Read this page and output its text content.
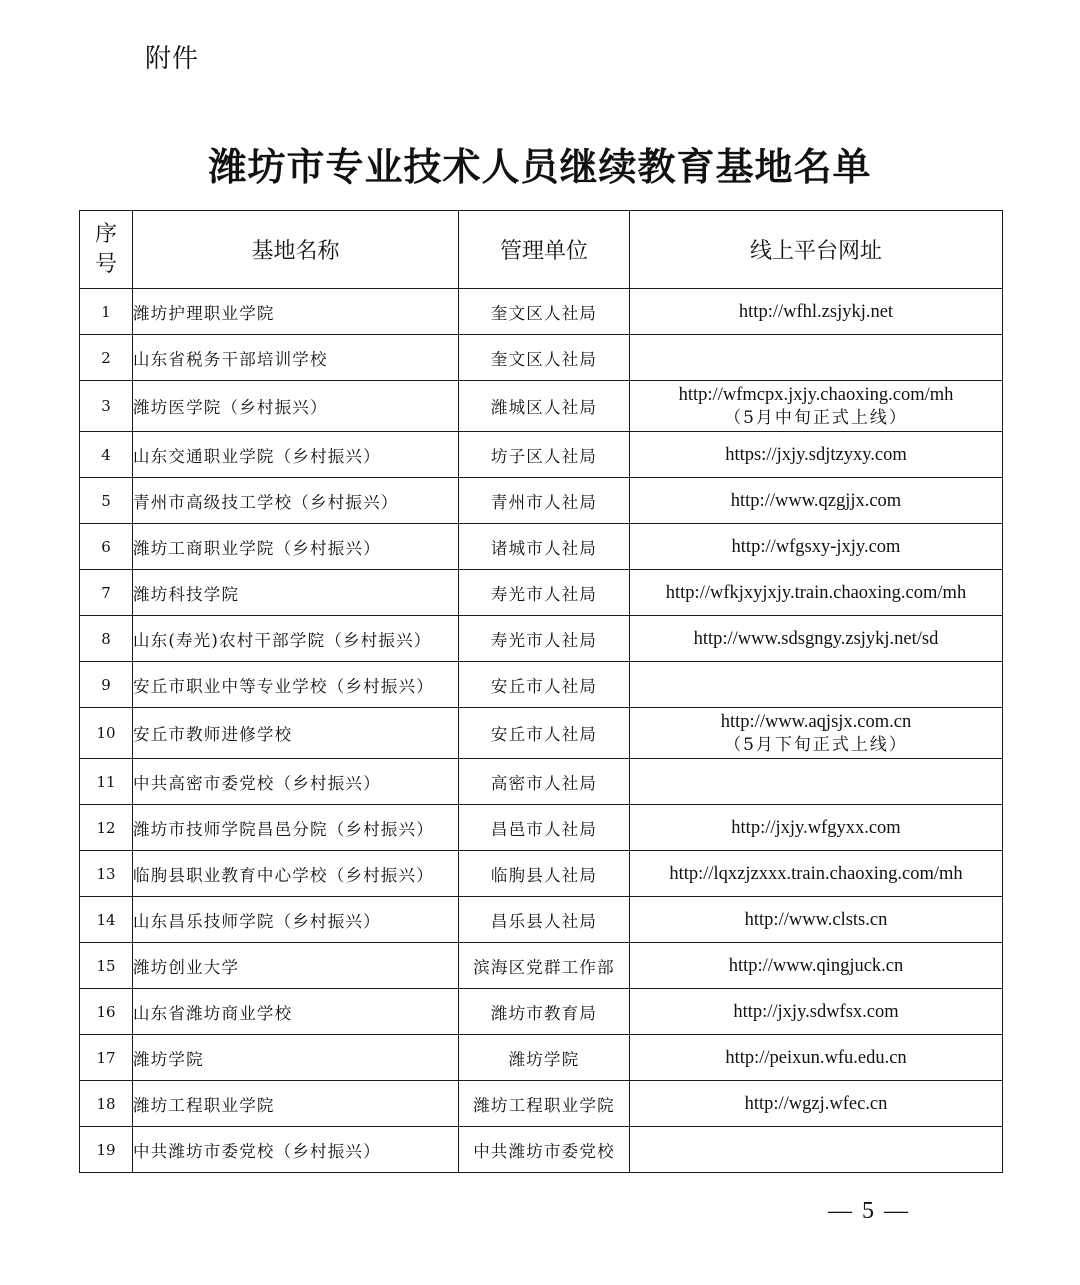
附件
潍坊市专业技术人员继续教育基地名单
序
号	基地名称	管理单位	线上平台网址
1	潍坊护理职业学院	奎文区人社局	http://wfhl.zsjykj.net
2	山东省税务干部培训学校	奎文区人社局	
3	潍坊医学院（乡村振兴）	潍城区人社局	http://wfmcpx.jxjy.chaoxing.com/mh
（5月中旬正式上线）

4	山东交通职业学院（乡村振兴）	坊子区人社局	https://jxjy.sdjtzyxy.com
5	青州市高级技工学校（乡村振兴）	青州市人社局	http://www.qzgjjx.com
6	潍坊工商职业学院（乡村振兴）	诸城市人社局	http://wfgsxy-jxjy.com
7	潍坊科技学院	寿光市人社局	http://wfkjxyjxjy.train.chaoxing.com/mh
8	山东(寿光)农村干部学院（乡村振兴）	寿光市人社局	http://www.sdsgngy.zsjykj.net/sd
9	安丘市职业中等专业学校（乡村振兴）	安丘市人社局	
10	安丘市教师进修学校	安丘市人社局	http://www.aqjsjx.com.cn
（5月下旬正式上线）

11	中共高密市委党校（乡村振兴）	高密市人社局	
12	潍坊市技师学院昌邑分院（乡村振兴）	昌邑市人社局	http://jxjy.wfgyxx.com
13	临朐县职业教育中心学校（乡村振兴）	临朐县人社局	http://lqxzjzxxx.train.chaoxing.com/mh
14	山东昌乐技师学院（乡村振兴）	昌乐县人社局	http://www.clsts.cn
15	潍坊创业大学	滨海区党群工作部	http://www.qingjuck.cn
16	山东省潍坊商业学校	潍坊市教育局	http://jxjy.sdwfsx.com
17	潍坊学院	潍坊学院	http://peixun.wfu.edu.cn
18	潍坊工程职业学院	潍坊工程职业学院	http://wgzj.wfec.cn
19	中共潍坊市委党校（乡村振兴）	中共潍坊市委党校	
— 5 —
